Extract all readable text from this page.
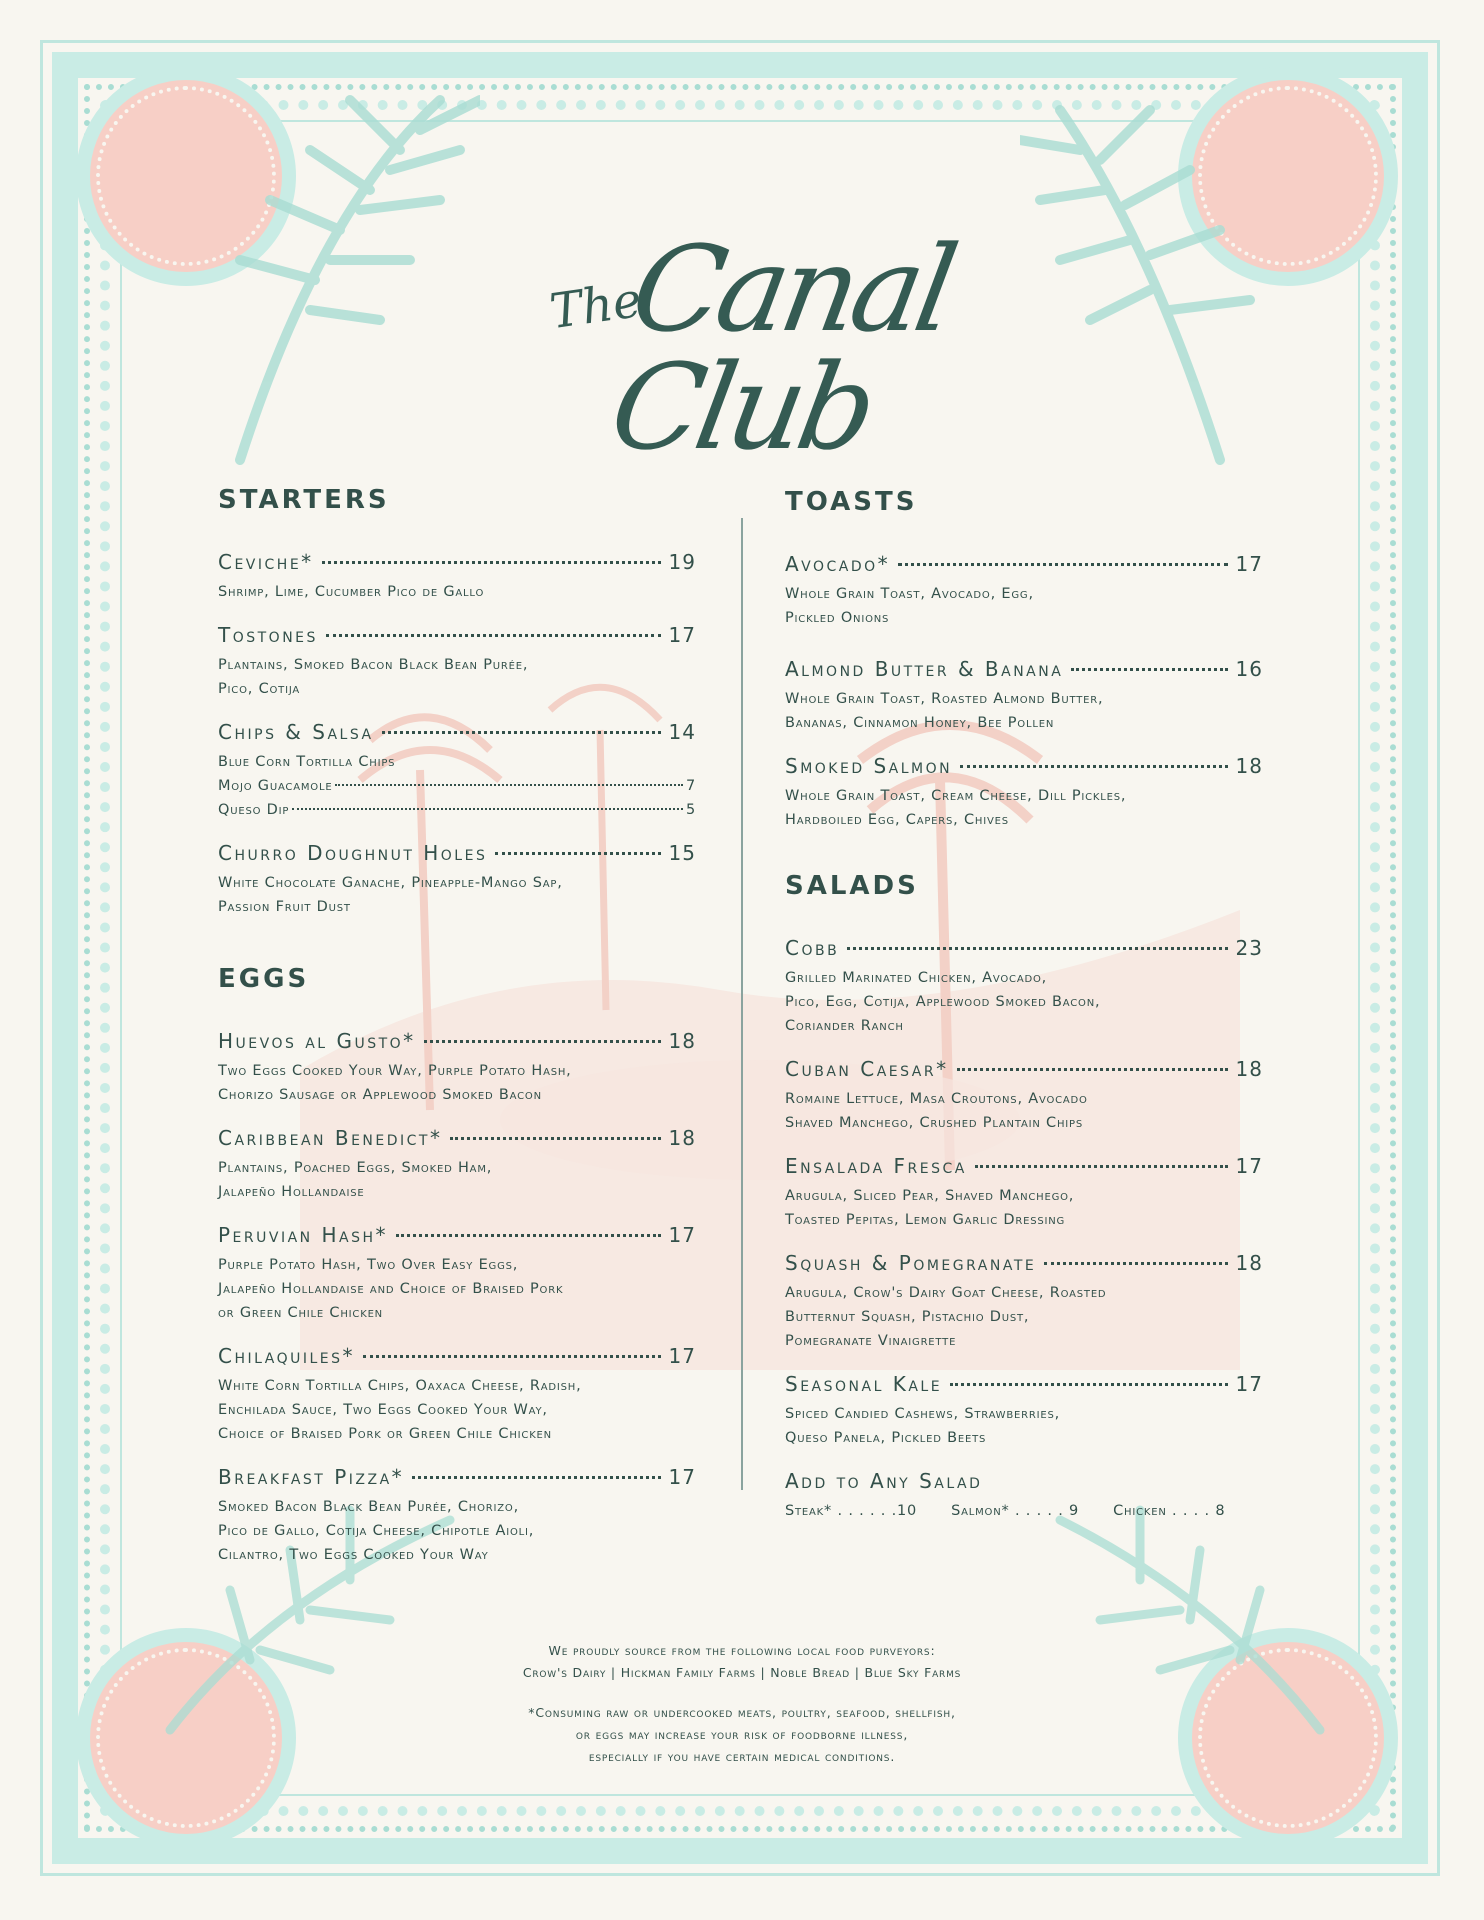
The
Canal Club
STARTERS
Ceviche*	19
Shrimp, Lime, Cucumber Pico de Gallo
Tostones	17
Plantains, Smoked Bacon Black Bean Purée,
Pico, Cotija
Chips & Salsa	14
Blue Corn Tortilla Chips
Mojo Guacamole	7
Queso Dip	5
Churro Doughnut Holes	15
White Chocolate Ganache, Pineapple-Mango Sap,
Passion Fruit Dust
EGGS
Huevos al Gusto*	18
Two Eggs Cooked Your Way, Purple Potato Hash,
Chorizo Sausage or Applewood Smoked Bacon
Caribbean Benedict*	18
Plantains, Poached Eggs, Smoked Ham,
Jalapeño Hollandaise
Peruvian Hash*	17
Purple Potato Hash, Two Over Easy Eggs,
Jalapeño Hollandaise and Choice of Braised Pork
or Green Chile Chicken
Chilaquiles*	17
White Corn Tortilla Chips, Oaxaca Cheese, Radish,
Enchilada Sauce, Two Eggs Cooked Your Way,
Choice of Braised Pork or Green Chile Chicken
Breakfast Pizza*	17
Smoked Bacon Black Bean Purée, Chorizo,
Pico de Gallo, Cotija Cheese, Chipotle Aioli,
Cilantro, Two Eggs Cooked Your Way
TOASTS
Avocado*	17
Whole Grain Toast, Avocado, Egg,
Pickled Onions
Almond Butter & Banana	16
Whole Grain Toast, Roasted Almond Butter,
Bananas, Cinnamon Honey, Bee Pollen
Smoked Salmon	18
Whole Grain Toast, Cream Cheese, Dill Pickles,
Hardboiled Egg, Capers, Chives
SALADS
Cobb	23
Grilled Marinated Chicken, Avocado,
Pico, Egg, Cotija, Applewood Smoked Bacon,
Coriander Ranch
Cuban Caesar*	18
Romaine Lettuce, Masa Croutons, Avocado
Shaved Manchego, Crushed Plantain Chips
Ensalada Fresca	17
Arugula, Sliced Pear, Shaved Manchego,
Toasted Pepitas, Lemon Garlic Dressing
Squash & Pomegranate	18
Arugula, Crow's Dairy Goat Cheese, Roasted
Butternut Squash, Pistachio Dust,
Pomegranate Vinaigrette
Seasonal Kale	17
Spiced Candied Cashews, Strawberries,
Queso Panela, Pickled Beets
Add to Any Salad
Steak* . . . . . .10 Salmon* . . . . . 9 Chicken . . . . 8

We proudly source from the following local food purveyors:

Crow's Dairy | Hickman Family Farms | Noble Bread | Blue Sky Farms

*Consuming raw or undercooked meats, poultry, seafood, shellfish,

or eggs may increase your risk of foodborne illness,

especially if you have certain medical conditions.
